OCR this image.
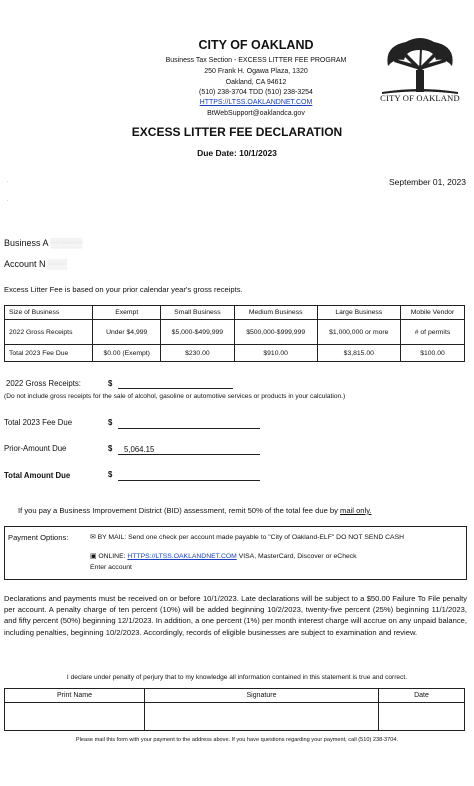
CITY OF OAKLAND
Business Tax Section - EXCESS LITTER FEE PROGRAM
250 Frank H. Ogawa Plaza, 1320
Oakland, CA 94612
(510) 238-3704 TDD (510) 238-3254
HTTPS://LTSS.OAKLANDNET.COM
BtWebSupport@oaklandca.gov
CITY OF OAKLAND
EXCESS LITTER FEE DECLARATION
Due Date: 10/1/2023
September 01, 2023
·
·
Business A ▒▒▒▒▒
Account N ▒▒▒
Excess Litter Fee is based on your prior calendar year's gross receipts.
Size of Business	Exempt	Small Business	Medium Business	Large Business	Mobile Vendor
2022 Gross Receipts	Under $4,999	$5,000-$499,999	$500,000-$999,999	$1,000,000 or more	# of permits
Total 2023 Fee Due	$0.00 (Exempt)	$230.00	$910.00	$3,815.00	$100.00
2022 Gross Receipts:	$
(Do not include gross receipts for the sale of alcohol, gasoline or automotive services or products in your calculation.)
Total 2023 Fee Due	$
Prior-Amount Due	$ 5,064.15
Total Amount Due	$
If you pay a Business Improvement District (BID) assessment, remit 50% of the total fee due by mail only.
Payment Options:	✉ BY MAIL: Send one check per account made payable to "City of Oakland-ELF" DO NOT SEND CASH
▣ ONLINE: HTTPS://LTSS.OAKLANDNET.COM VISA, MasterCard, Discover or eCheck
Enter account
Declarations and payments must be received on or before 10/1/2023. Late declarations will be subject to a $50.00 Failure To File penalty per account. A penalty charge of ten percent (10%) will be added beginning 10/2/2023, twenty-five percent (25%) beginning 11/1/2023, and fifty percent (50%) beginning 12/1/2023. In addition, a one percent (1%) per month interest charge will accrue on any unpaid balance, including penalties, beginning 10/2/2023. Accordingly, records of eligible businesses are subject to examination and review.
I declare under penalty of perjury that to my knowledge all information contained in this statement is true and correct.
Print Name	Signature	Date

Please mail this form with your payment to the address above. If you have questions regarding your payment, call (510) 238-3704.
